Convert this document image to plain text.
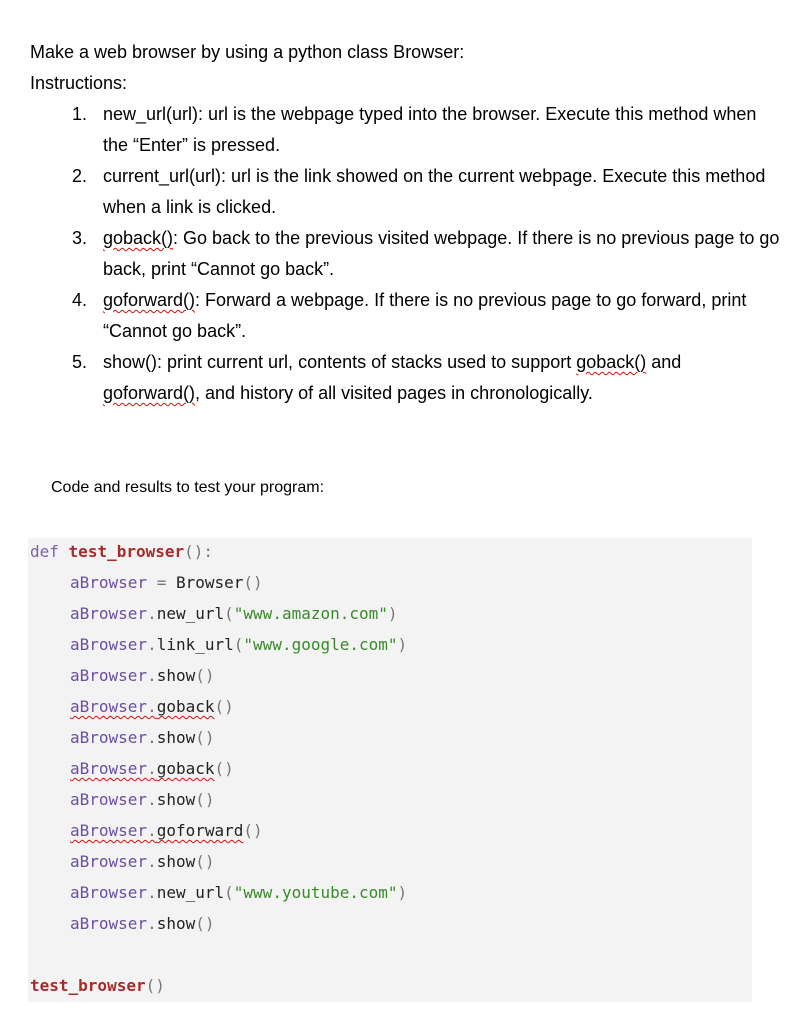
Make a web browser by using a python class Browser:

Instructions:

1. new_url(url): url is the webpage typed into the browser. Execute this method when the “Enter” is pressed.
2. current_url(url): url is the link showed on the current webpage. Execute this method when a link is clicked.
3. goback(): Go back to the previous visited webpage. If there is no previous page to go back, print “Cannot go back”.
4. goforward(): Forward a webpage. If there is no previous page to go forward, print “Cannot go back”.
5. show(): print current url, contents of stacks used to support goback() and goforward(), and history of all visited pages in chronologically.

Code and results to test your program:

def test_browser():
aBrowser = Browser()
aBrowser.new_url("www.amazon.com")
aBrowser.link_url("www.google.com")
aBrowser.show()
aBrowser.goback()
aBrowser.show()
aBrowser.goback()
aBrowser.show()
aBrowser.goforward()
aBrowser.show()
aBrowser.new_url("www.youtube.com")
aBrowser.show()
test_browser()
